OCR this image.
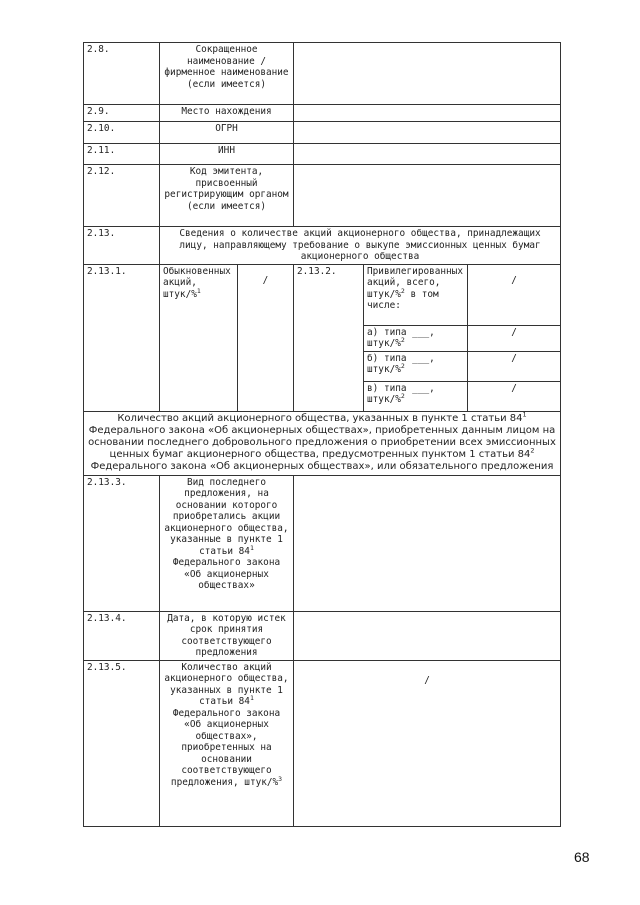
2.8.	Сокращенное наименование / фирменное наименование (если имеется)				
2.9.	Место нахождения				
2.10.	ОГРН				
2.11.	ИНН				
2.12.	Код эмитента, присвоенный регистрирующим органом (если имеется)				
2.13.	Сведения о количестве акций акционерного общества, принадлежащих лицу, направляющему требование о выкупе эмиссионных ценных бумаг акционерного общества				
2.13.1.	Обыкновенных акций, штук/%$^1$	/	2.13.2.	Привилегированных акций, всего, штук/%$^2$ в том числе:	/
				а) типа ___, штук/%$^2$	/
				б) типа ___, штук/%$^2$	/
				в) типа ___, штук/%$^2$	/
Количество акций акционерного общества, указанных в пункте 1 статьи $84^1$ Федерального закона «Об акционерных обществах», приобретенных данным лицом на основании последнего добровольного предложения о приобретении всех эмиссионных ценных бумаг акционерного общества, предусмотренных пунктом 1 статьи $84^2$ Федерального закона «Об акционерных обществах», или обязательного предложения					
2.13.3.	Вид последнего предложения, на основании которого приобретались акции акционерного общества, указанные в пункте 1 статьи $84^1$ Федерального закона «Об акционерных обществах»				
2.13.4.	Дата, в которую истек срок принятия соответствующего предложения				
2.13.5.	Количество акций акционерного общества, указанных в пункте 1 статьи $84^1$ Федерального закона «Об акционерных обществах», приобретенных на основании соответствующего предложения, штук/%$^3$		/		
68
